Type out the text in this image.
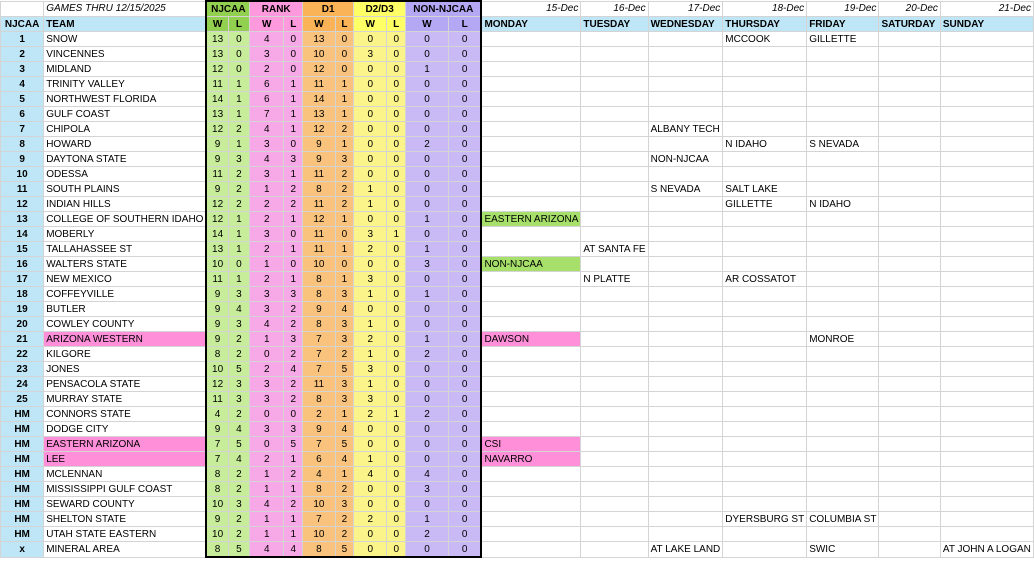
	GAMES THRU 12/15/2025	NJCAA		RANK		D1		D2/D3		NON-NJCAA		15-Dec	16-Dec	17-Dec	18-Dec	19-Dec	20-Dec	21-Dec
NJCAA	TEAM	W	L	W	L	W	L	W	L	W	L	MONDAY	TUESDAY	WEDNESDAY	THURSDAY	FRIDAY	SATURDAY	SUNDAY
1	SNOW	13	0	4	0	13	0	0	0	0	0				MCCOOK	GILLETTE		
2	VINCENNES	13	0	3	0	10	0	3	0	0	0							
3	MIDLAND	12	0	2	0	12	0	0	0	1	0							
4	TRINITY VALLEY	11	1	6	1	11	1	0	0	0	0							
5	NORTHWEST FLORIDA	14	1	6	1	14	1	0	0	0	0							
6	GULF COAST	13	1	7	1	13	1	0	0	0	0							
7	CHIPOLA	12	2	4	1	12	2	0	0	0	0			ALBANY TECH				
8	HOWARD	9	1	3	0	9	1	0	0	2	0				N IDAHO	S NEVADA		
9	DAYTONA STATE	9	3	4	3	9	3	0	0	0	0			NON-NJCAA				
10	ODESSA	11	2	3	1	11	2	0	0	0	0							
11	SOUTH PLAINS	9	2	1	2	8	2	1	0	0	0			S NEVADA	SALT LAKE			
12	INDIAN HILLS	12	2	2	2	11	2	1	0	0	0				GILLETTE	N IDAHO		
13	COLLEGE OF SOUTHERN IDAHO	12	1	2	1	12	1	0	0	1	0	EASTERN ARIZONA						
14	MOBERLY	14	1	3	0	11	0	3	1	0	0							
15	TALLAHASSEE ST	13	1	2	1	11	1	2	0	1	0		AT SANTA FE					
16	WALTERS STATE	10	0	1	0	10	0	0	0	3	0	NON-NJCAA						
17	NEW MEXICO	11	1	2	1	8	1	3	0	0	0		N PLATTE		AR COSSATOT			
18	COFFEYVILLE	9	3	3	3	8	3	1	0	1	0							
19	BUTLER	9	4	3	2	9	4	0	0	0	0							
20	COWLEY COUNTY	9	3	4	2	8	3	1	0	0	0							
21	ARIZONA WESTERN	9	2	1	3	7	3	2	0	1	0	DAWSON				MONROE		
22	KILGORE	8	2	0	2	7	2	1	0	2	0							
23	JONES	10	5	2	4	7	5	3	0	0	0							
24	PENSACOLA STATE	12	3	3	2	11	3	1	0	0	0							
25	MURRAY STATE	11	3	3	2	8	3	3	0	0	0							
HM	CONNORS STATE	4	2	0	0	2	1	2	1	2	0							
HM	DODGE CITY	9	4	3	3	9	4	0	0	0	0							
HM	EASTERN ARIZONA	7	5	0	5	7	5	0	0	0	0	CSI						
HM	LEE	7	4	2	1	6	4	1	0	0	0	NAVARRO						
HM	MCLENNAN	8	2	1	2	4	1	4	0	4	0							
HM	MISSISSIPPI GULF COAST	8	2	1	1	8	2	0	0	3	0							
HM	SEWARD COUNTY	10	3	4	2	10	3	0	0	0	0							
HM	SHELTON STATE	9	2	1	1	7	2	2	0	1	0				DYERSBURG ST	COLUMBIA ST		
HM	UTAH STATE EASTERN	10	2	1	1	10	2	0	0	2	0							
x	MINERAL AREA	8	5	4	4	8	5	0	0	0	0			AT LAKE LAND		SWIC		AT JOHN A LOGAN
